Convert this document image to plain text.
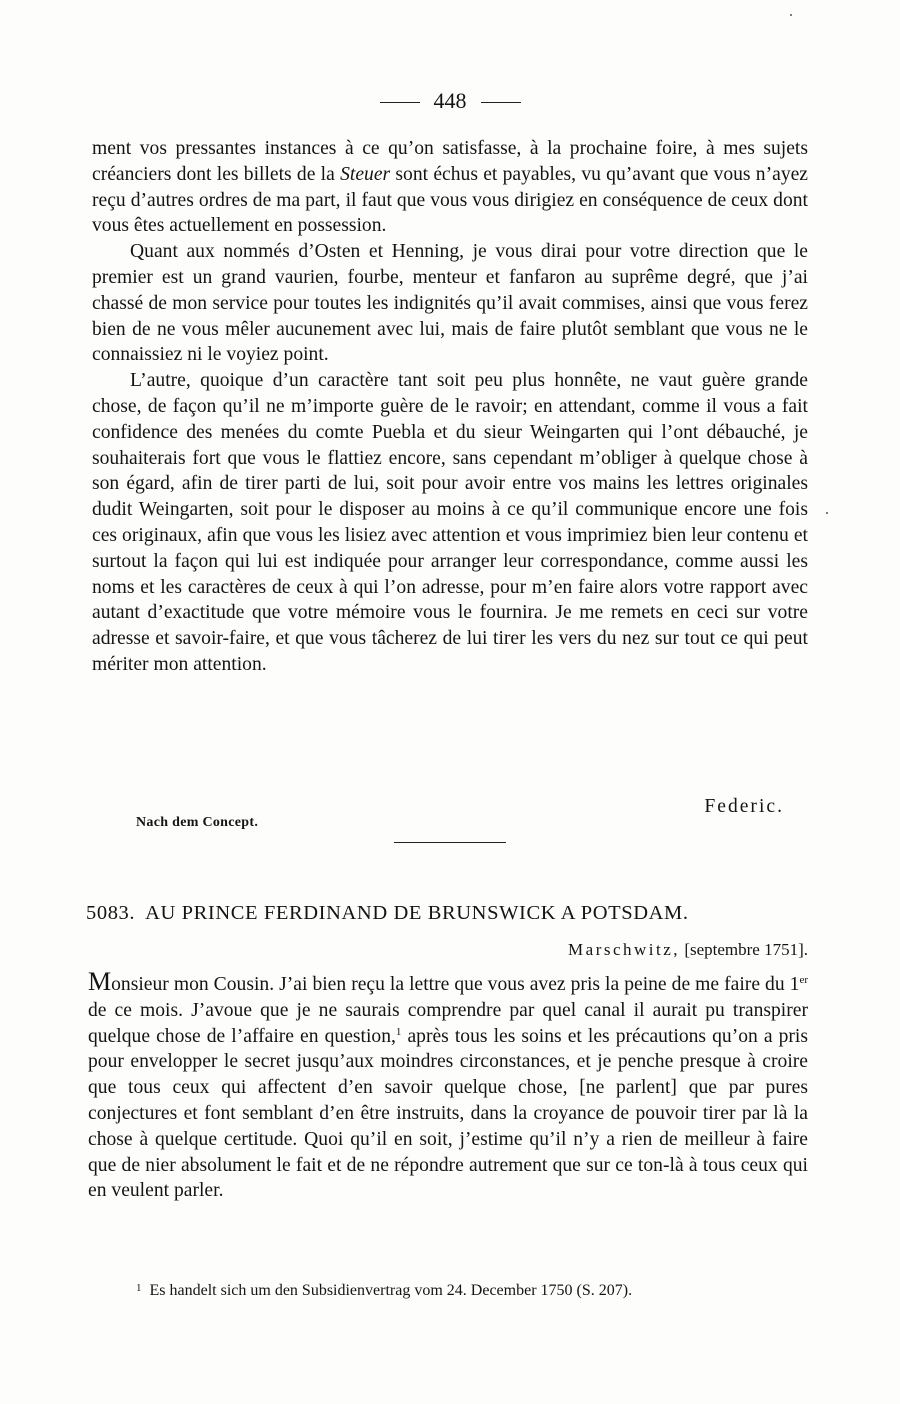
448

ment vos pressantes instances à ce qu’on satisfasse, à la prochaine foire, à mes sujets créanciers dont les billets de la Steuer sont échus et payables, vu qu’avant que vous n’ayez reçu d’autres ordres de ma part, il faut que vous vous dirigiez en conséquence de ceux dont vous êtes actuellement en possession.

Quant aux nommés d’Osten et Henning, je vous dirai pour votre direction que le premier est un grand vaurien, fourbe, menteur et fanfaron au suprême degré, que j’ai chassé de mon service pour toutes les indignités qu’il avait commises, ainsi que vous ferez bien de ne vous mêler aucunement avec lui, mais de faire plutôt semblant que vous ne le connaissiez ni le voyiez point.

L’autre, quoique d’un caractère tant soit peu plus honnête, ne vaut guère grande chose, de façon qu’il ne m’importe guère de le ravoir; en attendant, comme il vous a fait confidence des menées du comte Puebla et du sieur Weingarten qui l’ont débauché, je souhaiterais fort que vous le flattiez encore, sans cependant m’obliger à quelque chose à son égard, afin de tirer parti de lui, soit pour avoir entre vos mains les lettres originales dudit Weingarten, soit pour le disposer au moins à ce qu’il communique encore une fois ces originaux, afin que vous les lisiez avec attention et vous imprimiez bien leur contenu et surtout la façon qui lui est indiquée pour arranger leur correspondance, comme aussi les noms et les caractères de ceux à qui l’on adresse, pour m’en faire alors votre rapport avec autant d’exactitude que votre mémoire vous le fournira. Je me remets en ceci sur votre adresse et savoir-faire, et que vous tâcherez de lui tirer les vers du nez sur tout ce qui peut mériter mon attention.

Federic.
Nach dem Concept.
5083. AU PRINCE FERDINAND DE BRUNSWICK A POTSDAM.
Marschwitz, [septembre 1751].

Monsieur mon Cousin. J’ai bien reçu la lettre que vous avez pris la peine de me faire du 1er de ce mois. J’avoue que je ne saurais comprendre par quel canal il aurait pu transpirer quelque chose de l’affaire en question,$^1$ après tous les soins et les précautions qu’on a pris pour envelopper le secret jusqu’aux moindres circonstances, et je penche presque à croire que tous ceux qui affectent d’en savoir quelque chose, [ne parlent] que par pures conjectures et font semblant d’en être instruits, dans la croyance de pouvoir tirer par là la chose à quelque certitude. Quoi qu’il en soit, j’estime qu’il n’y a rien de meilleur à faire que de nier absolument le fait et de ne répondre autrement que sur ce ton-là à tous ceux qui en veulent parler.

$^1$ Es handelt sich um den Subsidienvertrag vom 24. December 1750 (S. 207).
